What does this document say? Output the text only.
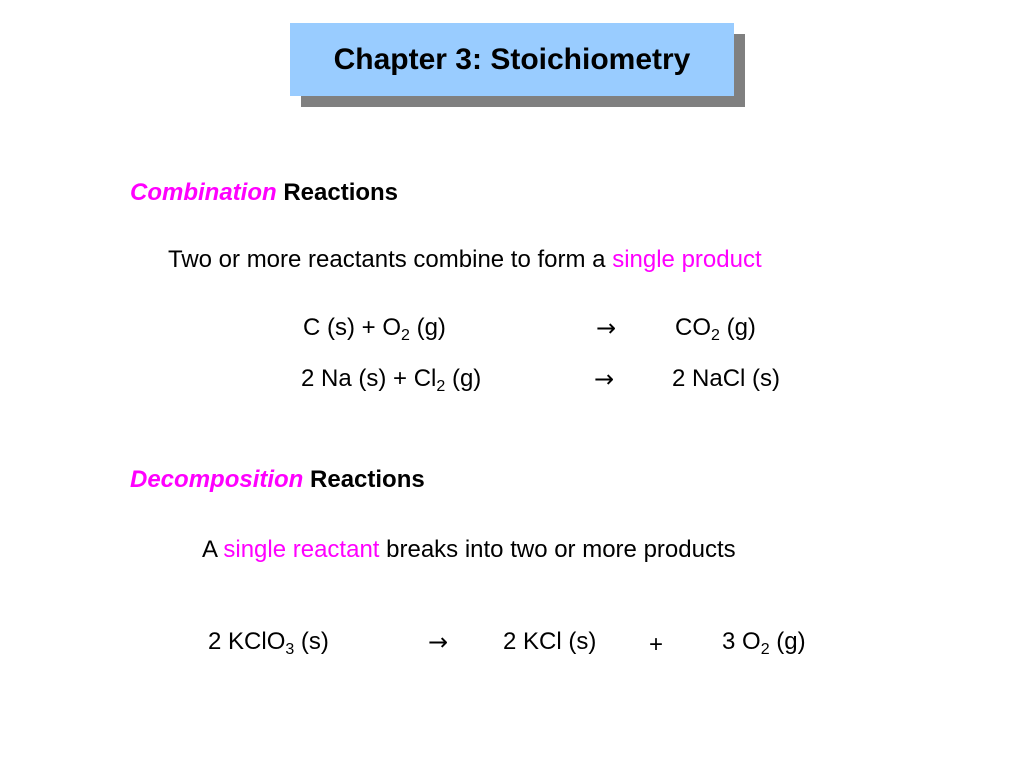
Chapter 3: Stoichiometry
Combination Reactions
Two or more reactants combine to form a single product
C $(s) + O_2$ (g)	→ $CO_2$ (g)
2 Na $(s) + Cl_2$ (g)	→ 2 NaCl (s)
Decomposition Reactions
A single reactant breaks into two or more products
2 KClO$_3$ (s)	→ 2 KCl (s) + 3 $O_2$ (g)
